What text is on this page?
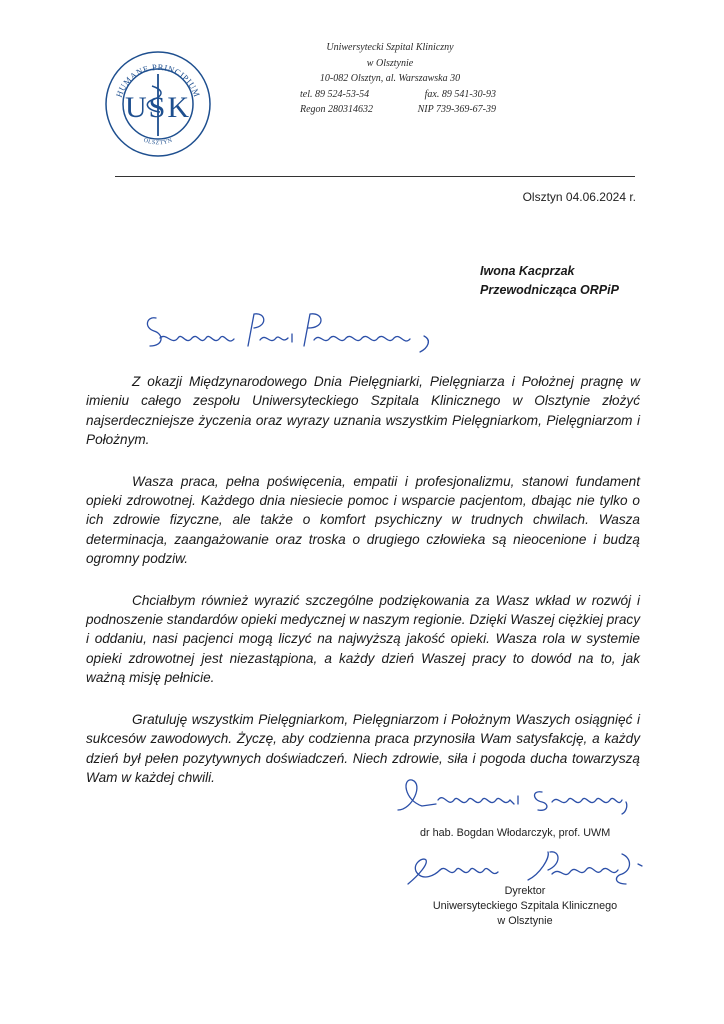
HUMANE PRINCIPIUM
OLSZTYN
USK
Uniwersytecki Szpital Kliniczny
w Olsztynie
10-082 Olsztyn, al. Warszawska 30
tel. 89 524-53-54	fax. 89 541-30-93
Regon 280314632	NIP 739-369-67-39
Olsztyn 04.06.2024 r.
Iwona Kacprzak
Przewodnicząca ORPiP

Z okazji Międzynarodowego Dnia Pielęgniarki, Pielęgniarza i Położnej pragnę w imieniu całego zespołu Uniwersyteckiego Szpitala Klinicznego w Olsztynie złożyć najserdeczniejsze życzenia oraz wyrazy uznania wszystkim Pielęgniarkom, Pielęgniarzom i Położnym.

Wasza praca, pełna poświęcenia, empatii i profesjonalizmu, stanowi fundament opieki zdrowotnej. Każdego dnia niesiecie pomoc i wsparcie pacjentom, dbając nie tylko o ich zdrowie fizyczne, ale także o komfort psychiczny w trudnych chwilach. Wasza determinacja, zaangażowanie oraz troska o drugiego człowieka są nieocenione i budzą ogromny podziw.

Chciałbym również wyrazić szczególne podziękowania za Wasz wkład w rozwój i podnoszenie standardów opieki medycznej w naszym regionie. Dzięki Waszej ciężkiej pracy i oddaniu, nasi pacjenci mogą liczyć na najwyższą jakość opieki. Wasza rola w systemie opieki zdrowotnej jest niezastąpiona, a każdy dzień Waszej pracy to dowód na to, jak ważną misję pełnicie.

Gratuluję wszystkim Pielęgniarkom, Pielęgniarzom i Położnym Waszych osiągnięć i sukcesów zawodowych. Życzę, aby codzienna praca przynosiła Wam satysfakcję, a każdy dzień był pełen pozytywnych doświadczeń. Niech zdrowie, siła i pogoda ducha towarzyszą Wam w każdej chwili.

dr hab. Bogdan Włodarczyk, prof. UWM
Dyrektor
Uniwersyteckiego Szpitala Klinicznego
w Olsztynie
